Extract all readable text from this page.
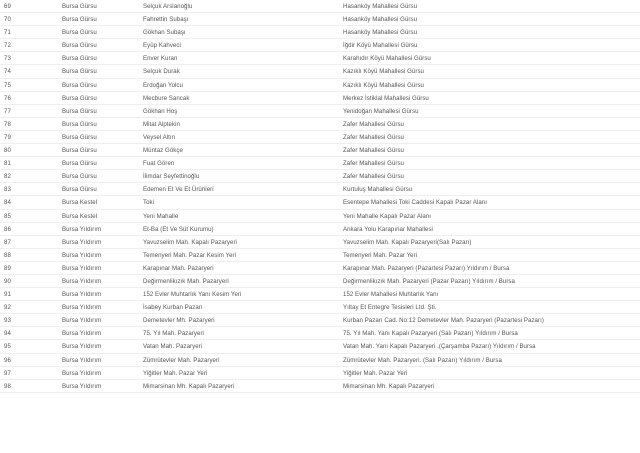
69	Bursa Gürsu	Selçuk Arslanoğlu	Hasanköy Mahallesi Gürsu
70	Bursa Gürsu	Fahrettin Subaşı	Hasanköy Mahallesi Gürsu
71	Bursa Gürsu	Gökhan Subaşı	Hasanköy Mahallesi Gürsu
72	Bursa Gürsu	Eyüp Kahveci	İğdir Köyü Mahallesi Gürsu
73	Bursa Gürsu	Enver Kuran	Karahıdır Köyü Mahallesi Gürsu
74	Bursa Gürsu	Selçuk Durak	Kazıklı Köyü Mahallesi Gürsu
75	Bursa Gürsu	Erdoğan Yolcu	Kazıklı Köyü Mahallesi Gürsu
76	Bursa Gürsu	Mecbure Sancak	Merkez İstiklal Mahallesi Gürsu
77	Bursa Gürsu	Gökhan Hoş	Yenidoğan Mahallesi Gürsu
78	Bursa Gürsu	Mitat Alptekin	Zafer Mahallesi Gürsu
79	Bursa Gürsu	Veysel Altın	Zafer Mahallesi Gürsu
80	Bursa Gürsu	Müntaz Gökçe	Zafer Mahallesi Gürsu
81	Bursa Gürsu	Fuat Gören	Zafer Mahallesi Gürsu
82	Bursa Gürsu	İlimdar Seyfettinoğlu	Zafer Mahallesi Gürsu
83	Bursa Gürsu	Edemen Et Ve Et Ürünleri	Kurtuluş Mahallesi Gürsu
84	Bursa Kestel	Toki	Esentepe Mahallesi Toki Caddesi Kapalı Pazar Alanı
85	Bursa Kestel	Yeni Mahalle	Yeni Mahalle Kapalı Pazar Alanı
86	Bursa Yıldırım	Et-Ba (Et Ve Süt Kurumu)	Ankara Yolu Karapınar Mahallesi
87	Bursa Yıldırım	Yavuzselim Mah. Kapalı Pazaryeri	Yavuzselim Mah. Kapalı Pazaryeri(Salı Pazarı)
88	Bursa Yıldırım	Temenyeri Mah. Pazar Kesim Yeri	Temenyeri Mah. Pazar Yeri
89	Bursa Yıldırım	Karapınar Mah. Pazaryeri	Karapınar Mah. Pazaryeri (Pazartesi Pazarı) Yıldırım / Bursa
90	Bursa Yıldırım	Değirmenlikızık Mah. Pazaryeri	Değirmenlikızık Mah. Pazaryeri (Pazar Pazarı) Yıldırım / Bursa
91	Bursa Yıldırım	152 Evler Muhtarlık Yanı Kesim Yeri	152 Evler Mahallesi Muhtarlık Yanı
92	Bursa Yıldırım	İsabey Kurban Pazarı	Yıltay Et Entegre Tesisleri Ltd. Şti.
93	Bursa Yıldırım	Demetevler Mh. Pazaryeri	Kurban Pazarı Cad. No:12 Demetevler Mah. Pazaryeri (Pazartesi Pazarı)
94	Bursa Yıldırım	75. Yıl Mah. Pazaryeri	75. Yıl Mah. Yanı Kapalı Pazaryeri (Salı Pazarı) Yıldırım / Bursa
95	Bursa Yıldırım	Vatan Mah. Pazaryeri	Vatan Mah. Yanı Kapalı Pazaryeri .(Çarşamba Pazarı) Yıldırım / Bursa
96	Bursa Yıldırım	Zümrütevler Mah. Pazaryeri	Zümrütevler Mah. Pazaryeri. (Salı Pazarı) Yıldırım / Bursa
97	Bursa Yıldırım	Yiğitler Mah. Pazar Yeri	Yiğitler Mah. Pazar Yeri
98	Bursa Yıldırım	Mimarsinan Mh. Kapalı Pazaryeri	Mimarsinan Mh. Kapalı Pazaryeri
